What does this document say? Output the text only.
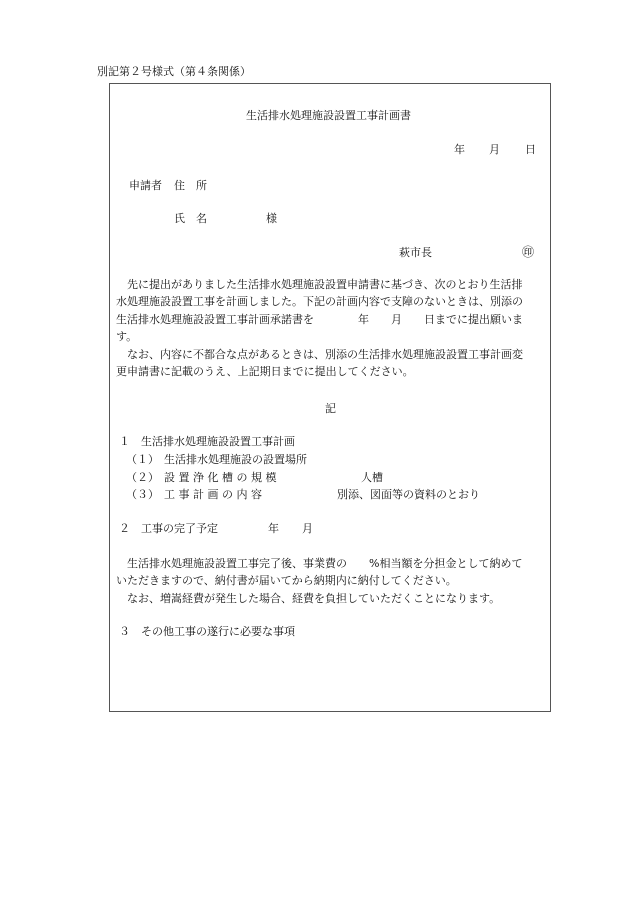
別記第２号様式（第４条関係）
生活排水処理施設設置工事計画書
年 月 日
申請者 住　所
氏　名	様
萩市長	㊞

先に提出がありました生活排水処理施設設置申請書に基づき、次のとおり生活排

水処理施設設置工事を計画しました。下記の計画内容で支障のないときは、別添の

生活排水処理施設設置工事計画承諾書を　　　　年　　月　　日までに提出願いま

す。

なお、内容に不都合な点があるときは、別添の生活排水処理施設設置工事計画変

更申請書に記載のうえ、上記期日までに提出してください。

記
１　生活排水処理施設設置工事計画
（１） 生活排水処理施設の設置場所
（２） 設 置 浄 化 槽 の 規 模	人槽
（３） 工 事 計 画 の 内 容	別添、図面等の資料のとおり
２　工事の完了予定	年 月

生活排水処理施設設置工事完了後、事業費の　　%相当額を分担金として納めて

いただきますので、納付書が届いてから納期内に納付してください。

なお、増嵩経費が発生した場合、経費を負担していただくことになります。

３　その他工事の遂行に必要な事項
